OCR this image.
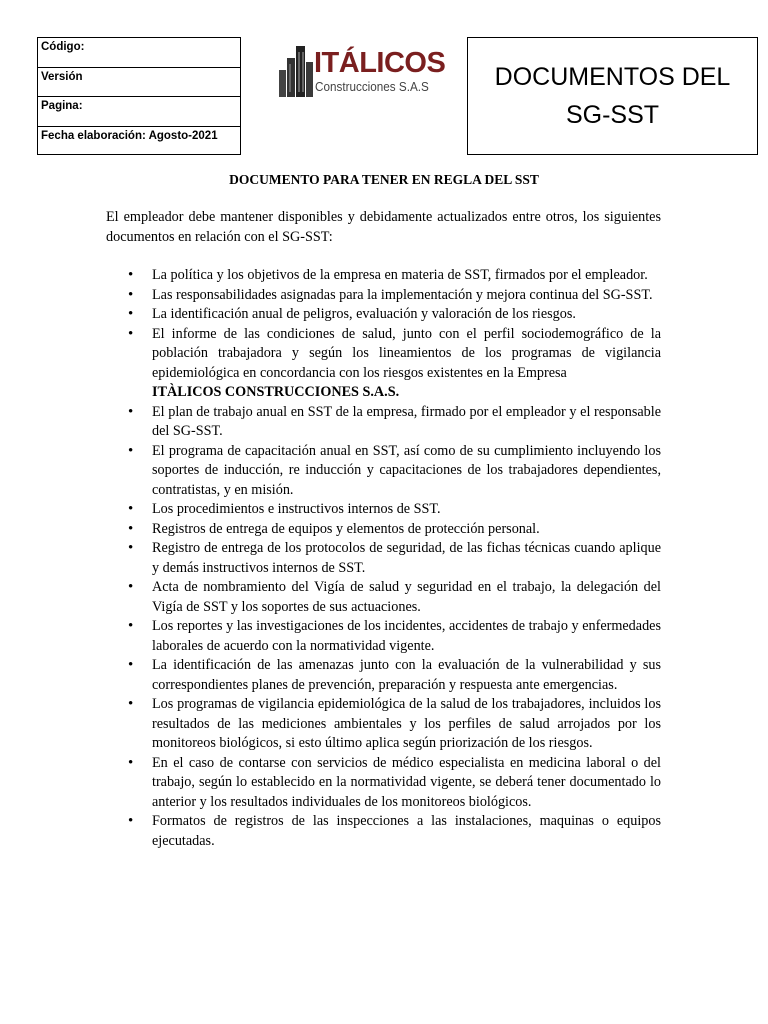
Código:
Versión
Pagina:
Fecha elaboración: Agosto-2021
ITÁLICOS
Construcciones S.A.S	DOCUMENTOS DEL
SG-SST
DOCUMENTO PARA TENER EN REGLA DEL SST
El empleador debe mantener disponibles y debidamente actualizados entre otros, los siguientes documentos en relación con el SG-SST:
• La política y los objetivos de la empresa en materia de SST, firmados por el empleador.
• Las responsabilidades asignadas para la implementación y mejora continua del SG-SST.
• La identificación anual de peligros, evaluación y valoración de los riesgos.
• El informe de las condiciones de salud, junto con el perfil sociodemográfico de la población trabajadora y según los lineamientos de los programas de vigilancia epidemiológica en concordancia con los riesgos existentes en la Empresa
ITÀLICOS CONSTRUCCIONES S.A.S.
• El plan de trabajo anual en SST de la empresa, firmado por el empleador y el responsable del SG-SST.
• El programa de capacitación anual en SST, así como de su cumplimiento incluyendo los soportes de inducción, re inducción y capacitaciones de los trabajadores dependientes, contratistas, y en misión.
• Los procedimientos e instructivos internos de SST.
• Registros de entrega de equipos y elementos de protección personal.
• Registro de entrega de los protocolos de seguridad, de las fichas técnicas cuando aplique y demás instructivos internos de SST.
• Acta de nombramiento del Vigía de salud y seguridad en el trabajo, la delegación del Vigía de SST y los soportes de sus actuaciones.
• Los reportes y las investigaciones de los incidentes, accidentes de trabajo y enfermedades laborales de acuerdo con la normatividad vigente.
• La identificación de las amenazas junto con la evaluación de la vulnerabilidad y sus correspondientes planes de prevención, preparación y respuesta ante emergencias.
• Los programas de vigilancia epidemiológica de la salud de los trabajadores, incluidos los resultados de las mediciones ambientales y los perfiles de salud arrojados por los monitoreos biológicos, si esto último aplica según priorización de los riesgos.
• En el caso de contarse con servicios de médico especialista en medicina laboral o del trabajo, según lo establecido en la normatividad vigente, se deberá tener documentado lo anterior y los resultados individuales de los monitoreos biológicos.
• Formatos de registros de las inspecciones a las instalaciones, maquinas o equipos ejecutadas.
